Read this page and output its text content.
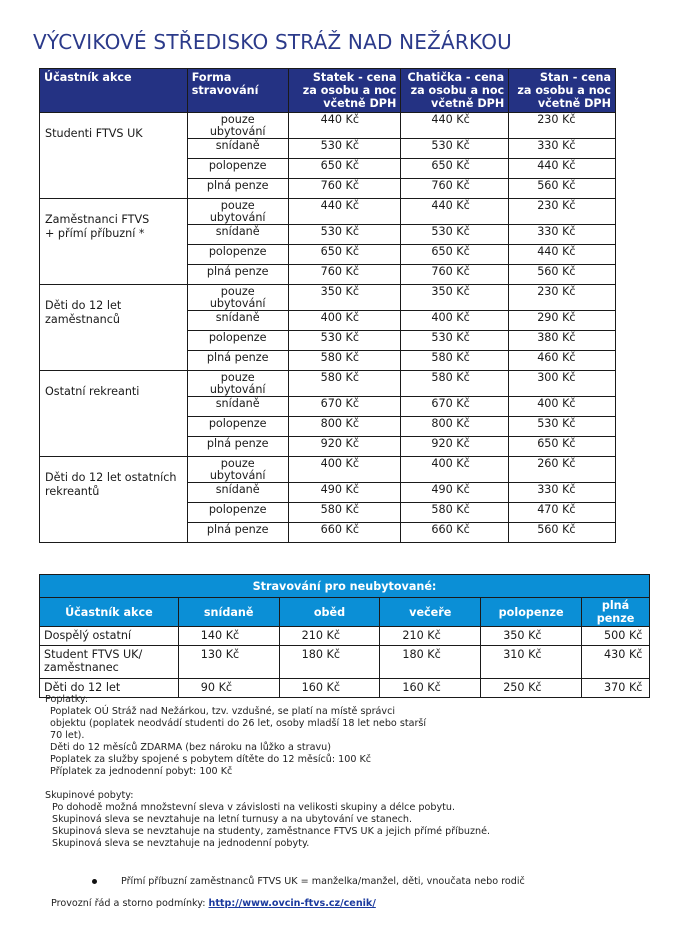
VÝCVIKOVÉ STŘEDISKO STRÁŽ NAD NEŽÁRKOU
Účastník akce	Forma
stravování	Statek - cena
za osobu a noc
včetně DPH	Chatička - cena
za osobu a noc
včetně DPH	Stan - cena
za osobu a noc
včetně DPH
Studenti FTVS UK	pouze
ubytování	440 Kč	440 Kč	230 Kč
	snídaně	530 Kč	530 Kč	330 Kč
	polopenze	650 Kč	650 Kč	440 Kč
	plná penze	760 Kč	760 Kč	560 Kč
Zaměstnanci FTVS
+ přímí příbuzní *	pouze
ubytování	440 Kč	440 Kč	230 Kč
	snídaně	530 Kč	530 Kč	330 Kč
	polopenze	650 Kč	650 Kč	440 Kč
	plná penze	760 Kč	760 Kč	560 Kč
Děti do 12 let
zaměstnanců	pouze
ubytování	350 Kč	350 Kč	230 Kč
	snídaně	400 Kč	400 Kč	290 Kč
	polopenze	530 Kč	530 Kč	380 Kč
	plná penze	580 Kč	580 Kč	460 Kč
Ostatní rekreanti	pouze
ubytování	580 Kč	580 Kč	300 Kč
	snídaně	670 Kč	670 Kč	400 Kč
	polopenze	800 Kč	800 Kč	530 Kč
	plná penze	920 Kč	920 Kč	650 Kč
Děti do 12 let ostatních
rekreantů	pouze
ubytování	400 Kč	400 Kč	260 Kč
	snídaně	490 Kč	490 Kč	330 Kč
	polopenze	580 Kč	580 Kč	470 Kč
	plná penze	660 Kč	660 Kč	560 Kč
Stravování pro neubytované:					
Účastník akce	snídaně	oběd	večeře	polopenze	plná penze
Dospělý ostatní	140 Kč	210 Kč	210 Kč	350 Kč	500 Kč
Student FTVS UK/
zaměstnanec	130 Kč	180 Kč	180 Kč	310 Kč	430 Kč
Děti do 12 let	90 Kč	160 Kč	160 Kč	250 Kč	370 Kč
Poplatky:
Poplatek OÚ Stráž nad Nežárkou, tzv. vzdušné, se platí na místě správci
objektu (poplatek neodvádí studenti do 26 let, osoby mladší 18 let nebo starší
70 let).
Děti do 12 měsíců ZDARMA (bez nároku na lůžko a stravu)
Poplatek za služby spojené s pobytem dítěte do 12 měsíců: 100 Kč
Příplatek za jednodenní pobyt: 100 Kč
Skupinové pobyty:
Po dohodě možná množstevní sleva v závislosti na velikosti skupiny a délce pobytu.
Skupinová sleva se nevztahuje na letní turnusy a na ubytování ve stanech.
Skupinová sleva se nevztahuje na studenty, zaměstnance FTVS UK a jejich přímé příbuzné.
Skupinová sleva se nevztahuje na jednodenní pobyty.
Přímí příbuzní zaměstnanců FTVS UK = manželka/manžel, děti, vnoučata nebo rodič
Provozní řád a storno podmínky: http://www.ovcin-ftvs.cz/cenik/
